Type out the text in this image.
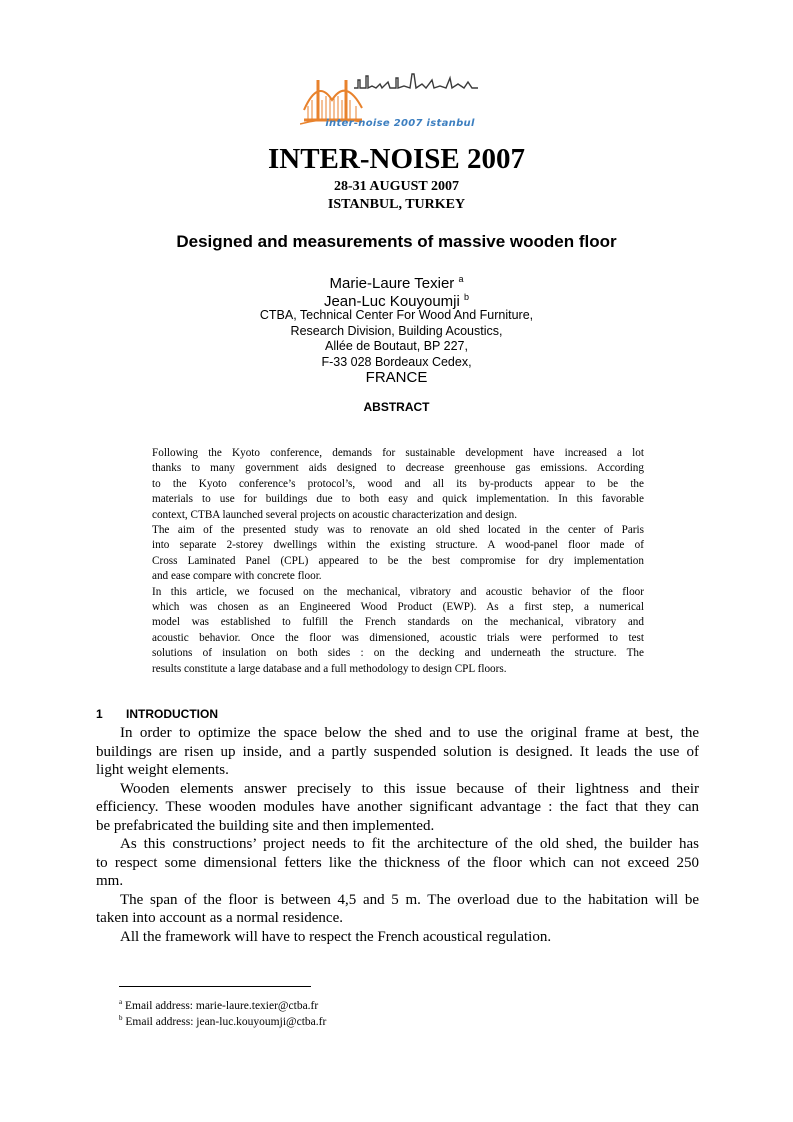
inter-noise 2007 istanbul
INTER-NOISE 2007
28-31 AUGUST 2007
ISTANBUL, TURKEY
Designed and measurements of massive wooden floor
Marie-Laure Texier $^a$
Jean-Luc Kouyoumji $^b$
CTBA, Technical Center For Wood And Furniture,
Research Division, Building Acoustics,
Allée de Boutaut, BP 227,
F-33 028 Bordeaux Cedex,
FRANCE
ABSTRACT
Following the Kyoto conference, demands for sustainable development have increased a lot
thanks to many government aids designed to decrease greenhouse gas emissions. According
to the Kyoto conference’s protocol’s, wood and all its by-products appear to be the
materials to use for buildings due to both easy and quick implementation. In this favorable
context, CTBA launched several projects on acoustic characterization and design.
The aim of the presented study was to renovate an old shed located in the center of Paris
into separate 2-storey dwellings within the existing structure. A wood-panel floor made of
Cross Laminated Panel (CPL) appeared to be the best compromise for dry implementation
and ease compare with concrete floor.
In this article, we focused on the mechanical, vibratory and acoustic behavior of the floor
which was chosen as an Engineered Wood Product (EWP). As a first step, a numerical
model was established to fulfill the French standards on the mechanical, vibratory and
acoustic behavior. Once the floor was dimensioned, acoustic trials were performed to test
solutions of insulation on both sides : on the decking and underneath the structure. The
results constitute a large database and a full methodology to design CPL floors.
1 INTRODUCTION
In order to optimize the space below the shed and to use the original frame at best, the
buildings are risen up inside, and a partly suspended solution is designed. It leads the use of
light weight elements.
Wooden elements answer precisely to this issue because of their lightness and their
efficiency. These wooden modules have another significant advantage : the fact that they can
be prefabricated the building site and then implemented.
As this constructions’ project needs to fit the architecture of the old shed, the builder has
to respect some dimensional fetters like the thickness of the floor which can not exceed 250
mm.
The span of the floor is between 4,5 and 5 m. The overload due to the habitation will be
taken into account as a normal residence.
All the framework will have to respect the French acoustical regulation.
$^a$ Email address: marie-laure.texier@ctba.fr
$^b$ Email address: jean-luc.kouyoumji@ctba.fr
